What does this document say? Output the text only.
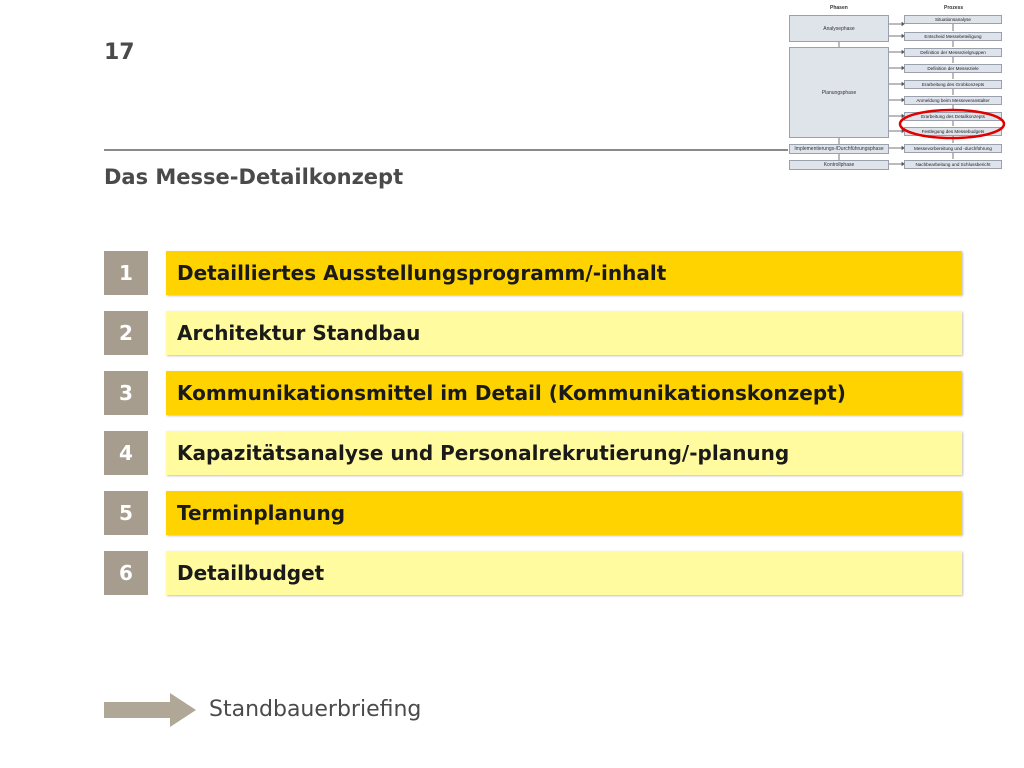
17
Phasen	Prozess
Analysephase
Planungsphase
Implementierungs-/Durchführungsphase
Kontrollphase
Situationsanalyse
Entscheid Messebeteiligung
Definition der Messezielgruppen
Definition der Messeziele
Erarbeitung des Grobkonzepts
Anmeldung beim Messeveranstalter
Erarbeitung des Detailkonzepts
Festlegung des Messebudgets
Messevorbereitung und -durchführung
Nachbearbeitung und Schlussbericht
Das Messe-Detailkonzept
1	Detailliertes Ausstellungsprogramm/-inhalt
2	Architektur Standbau
3	Kommunikationsmittel im Detail (Kommunikationskonzept)
4	Kapazitätsanalyse und Personalrekrutierung/-planung
5	Terminplanung
6	Detailbudget
Standbauerbriefing
